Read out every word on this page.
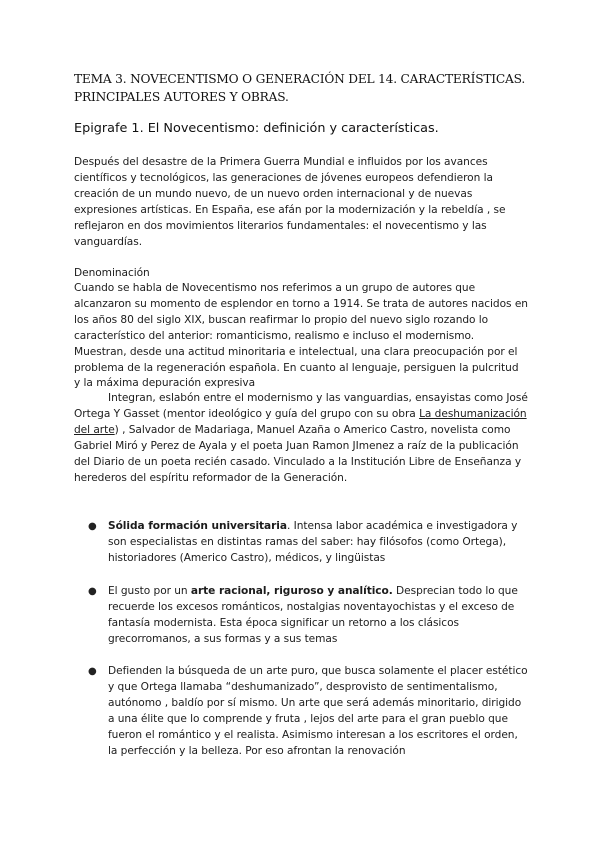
TEMA 3. NOVECENTISMO O GENERACIÓN DEL 14. CARACTERÍSTICAS.
PRINCIPALES AUTORES Y OBRAS.
Epigrafe 1. El Novecentismo: definición y características.
Después del desastre de la Primera Guerra Mundial e influidos por los avances científicos y tecnológicos, las generaciones de jóvenes europeos defendieron la creación de un mundo nuevo, de un nuevo orden internacional y de nuevas expresiones artísticas. En España, ese afán por la modernización y la rebeldía , se reflejaron en dos movimientos literarios fundamentales: el novecentismo y las vanguardías.
Denominación
Cuando se habla de Novecentismo nos referimos a un grupo de autores que alcanzaron su momento de esplendor en torno a 1914. Se trata de autores nacidos en los años 80 del siglo XIX, buscan reafirmar lo propio del nuevo siglo rozando lo característico del anterior: romanticismo, realismo e incluso el modernismo. Muestran, desde una actitud minoritaria e intelectual, una clara preocupación por el problema de la regeneración española. En cuanto al lenguaje, persiguen la pulcritud y la máxima depuración expresiva
Integran, eslabón entre el modernismo y las vanguardias, ensayistas como José Ortega Y Gasset (mentor ideológico y guía del grupo con su obra La deshumanización del arte) , Salvador de Madariaga, Manuel Azaña o Americo Castro, novelista como Gabriel Miró y Perez de Ayala y el poeta Juan Ramon JImenez a raíz de la publicación del Diario de un poeta recién casado. Vinculado a la Institución Libre de Enseñanza y herederos del espíritu reformador de la Generación.
● Sólida formación universitaria. Intensa labor académica e investigadora y son especialistas en distintas ramas del saber: hay filósofos (como Ortega), historiadores (Americo Castro), médicos, y lingüistas
● El gusto por un arte racional, riguroso y analítico. Desprecian todo lo que recuerde los excesos románticos, nostalgias noventayochistas y el exceso de fantasía modernista. Esta época significar un retorno a los clásicos grecorromanos, a sus formas y a sus temas
● Defienden la búsqueda de un arte puro, que busca solamente el placer estético y que Ortega llamaba “deshumanizado”, desprovisto de sentimentalismo, autónomo , baldío por sí mismo. Un arte que será además minoritario, dirigido a una élite que lo comprende y fruta , lejos del arte para el gran pueblo que fueron el romántico y el realista. Asimismo interesan a los escritores el orden, la perfección y la belleza. Por eso afrontan la renovación
